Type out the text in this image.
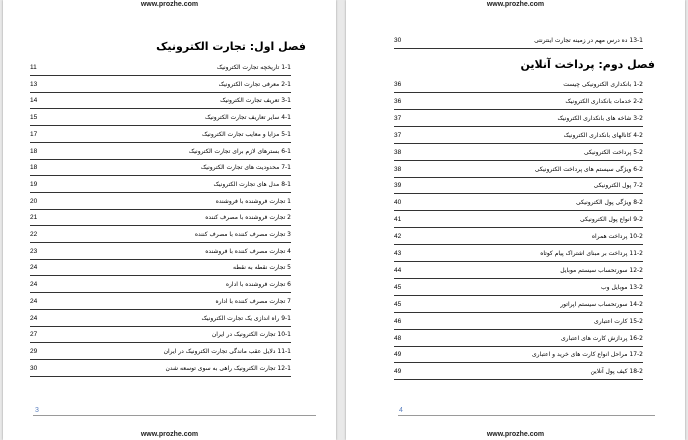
www.prozhe.com
فصل اول: تجارت الکترونیک
1-1 تاریخچه تجارت الکترونیک
11
2-1 معرفی تجارت الکترونیک
13
3-1 تعریف تجارت الکترونیک
14
4-1 سایر تعاریف تجارت الکترونیک
15
5-1 مزایا و معایب تجارت الکترونیک
17
6-1 بسترهای لازم برای تجارت الکترونیک
18
7-1 محدودیت های تجارت الکترونیک
18
8-1 مدل های تجارت الکترونیک
19
1 تجارت فروشنده با فروشنده
20
2 تجارت فروشنده با مصرف کننده
21
3 تجارت مصرف کننده با مصرف کننده
22
4 تجارت مصرف کننده با فروشنده
23
5 تجارت نقطه به نقطه
24
6 تجارت فروشنده با اداره
24
7 تجارت مصرف کننده با اداره
24
9-1 راه اندازی یک تجارت الکترونیک
24
10-1 تجارت الکترونیک در ایران
27
11-1 دلایل عقب ماندگی تجارت الکترونیک در ایران
29
12-1 تجارت الکترونیک راهی به سوی توسعه شدن
30
3
www.prozhe.com
www.prozhe.com
13-1 ده درس مهم در زمینه تجارت اینترنتی
30
فصل دوم: پرداخت آنلاین
1-2 بانکداری الکترونیکی چیست
36
2-2 خدمات بانکداری الکترونیک
36
3-2 شاخه های بانکداری الکترونیک
37
4-2 کانالهای بانکداری الکترونیک
37
5-2 پرداخت الکترونیکی
38
6-2 ویژگی سیستم های پرداخت الکترونیکی
38
7-2 پول الکترونیکی
39
8-2 ویژگی پول الکترونیکی
40
9-2 انواع پول الکترونیکی
41
10-2 پرداخت همراه
42
11-2 پرداخت بر مبنای اشتراک پیام کوتاه
43
12-2 سورتحساب سیستم موبایل
44
13-2 موبایل وب
45
14-2 سورتحساب سیستم اپراتور
45
15-2 کارت اعتباری
46
16-2 پردازش کارت های اعتباری
48
17-2 مراحل انواع کارت های خرید و اعتباری
49
18-2 کیف پول آنلاین
49
4
www.prozhe.com
